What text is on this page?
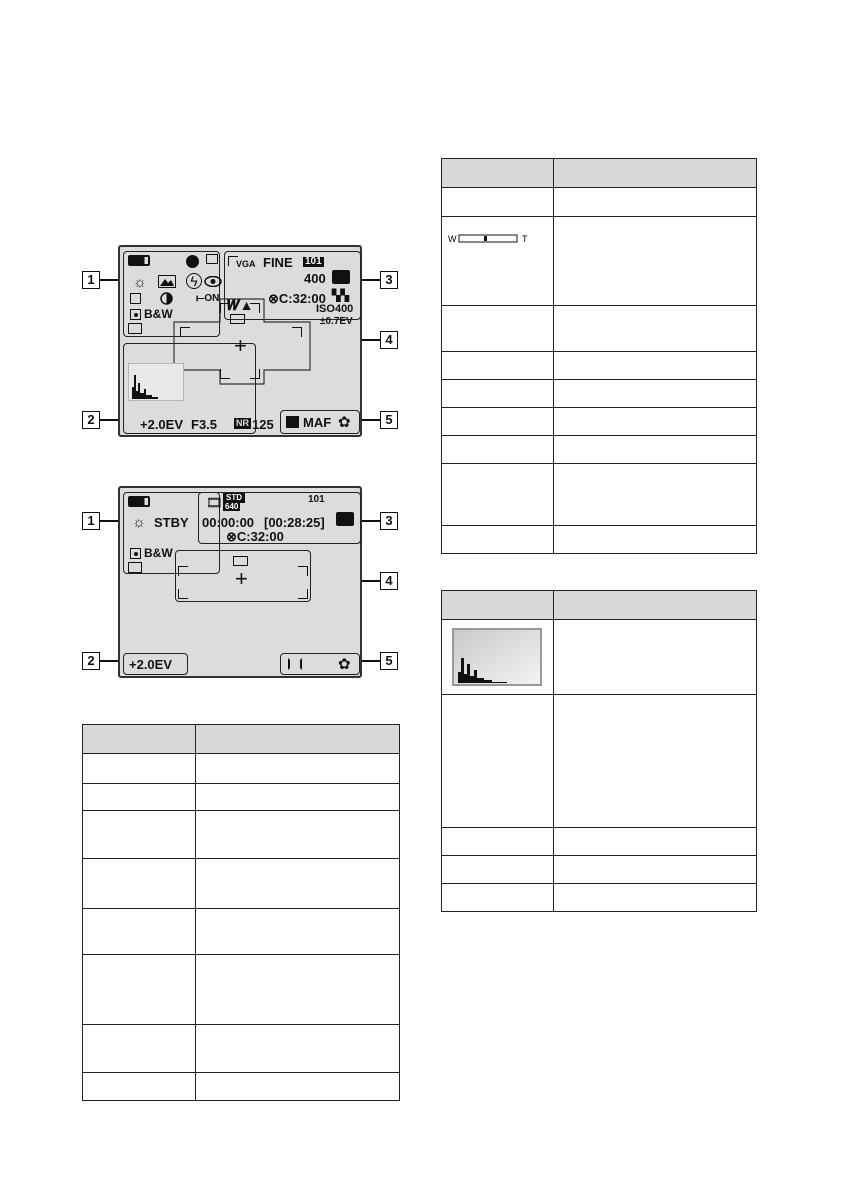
1
2
3
4
5
☼	ϟ
⟝ON
B&W
VGA FINE 101
400
▚▚
⊗C:32:00
ISO400
±0.7EV
𝑾▲
+
+2.0EV F3.5 NR 125 MAF ✿
1
2
3
4
5
☼ STBY
B&W
🎞 STD
640
101
00:00:00 [00:28:25]
⊗C:32:00
+
+2.0EV	✿

W T	
